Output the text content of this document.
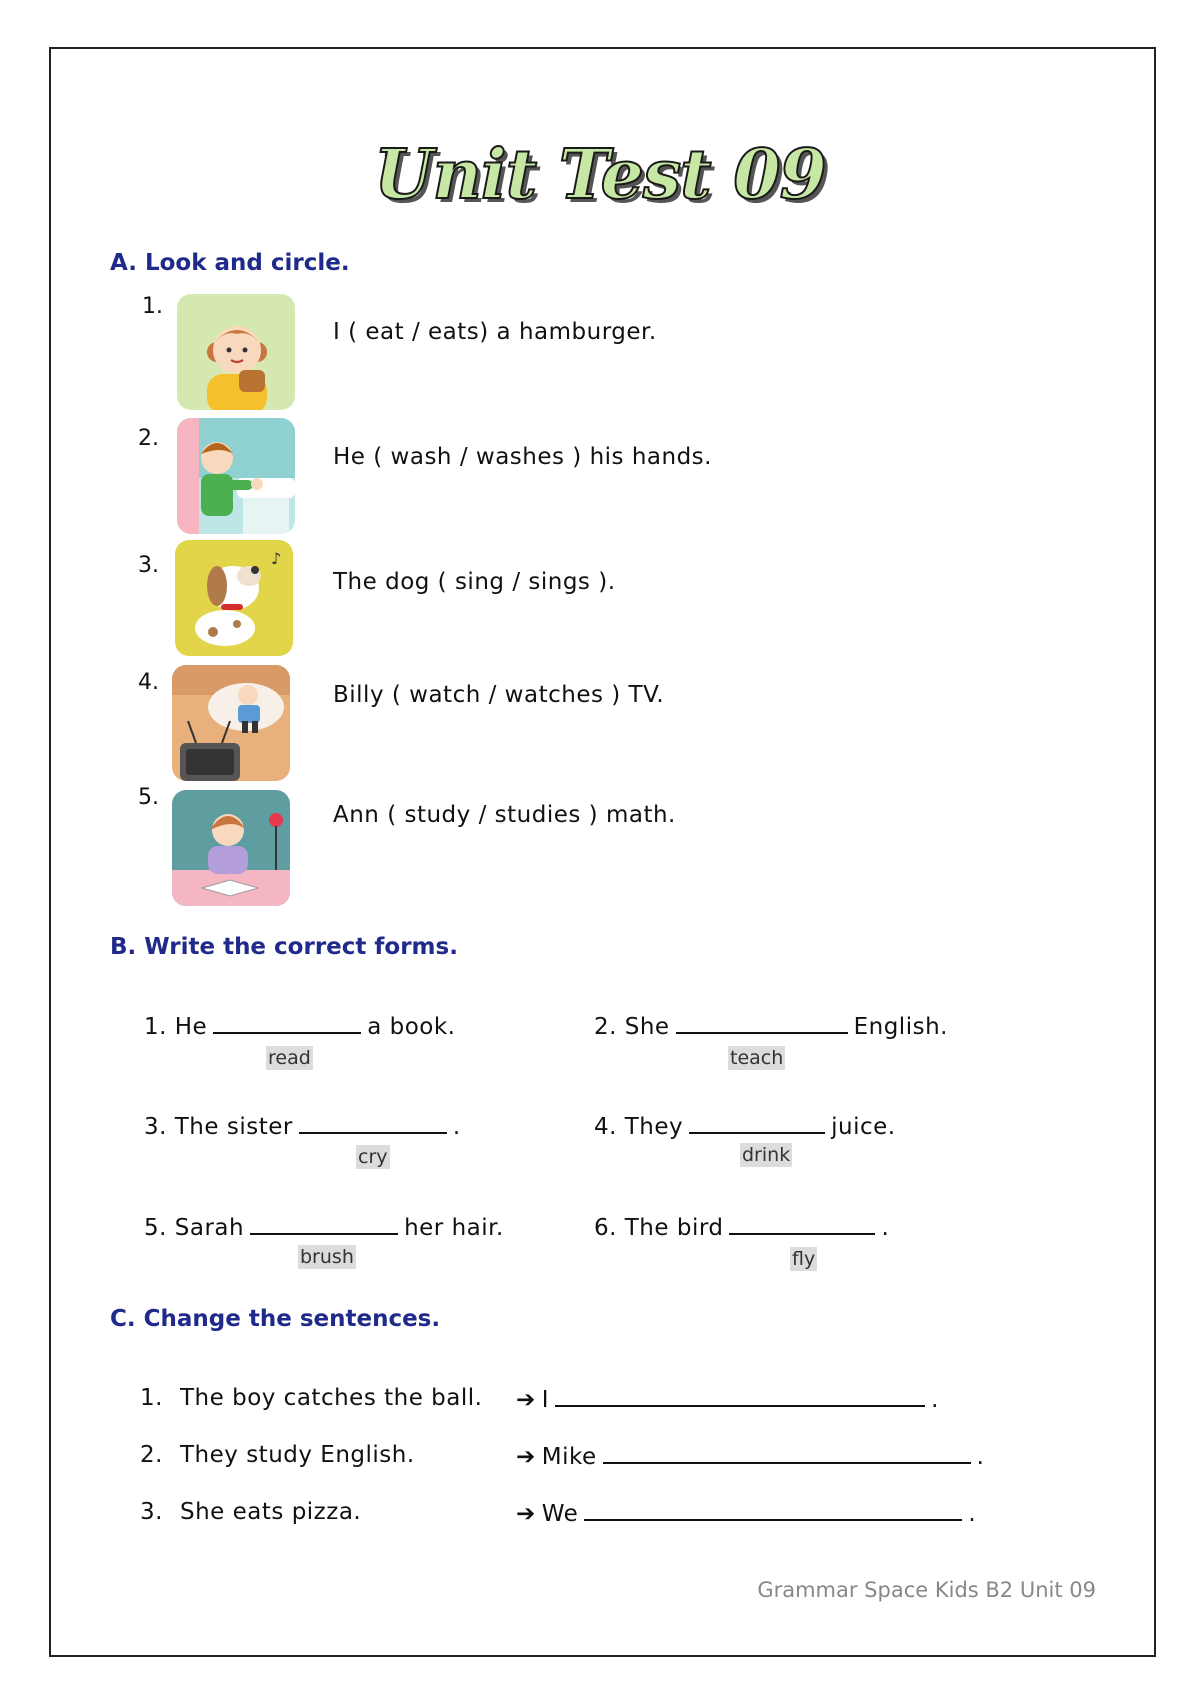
Unit Test 09
A. Look and circle.
1.
I ( eat / eats) a hamburger.
2.
He ( wash / washes ) his hands.
3.	♪
The dog ( sing / sings ).
4.	Billy ( watch / watches ) TV.
5.
Ann ( study / studies ) math.
B. Write the correct forms.
1. He	a book.
read
2. She	English.
teach
3. The sister	.
cry
4. They	juice.
drink
5. Sarah	her hair.
brush
6. The bird	.
fly
C. Change the sentences.
1. The boy catches the ball. ➔ I	.
2. They study English.	➔ Mike	.
3. She eats pizza.	➔ We	.
Grammar Space Kids B2 Unit 09
